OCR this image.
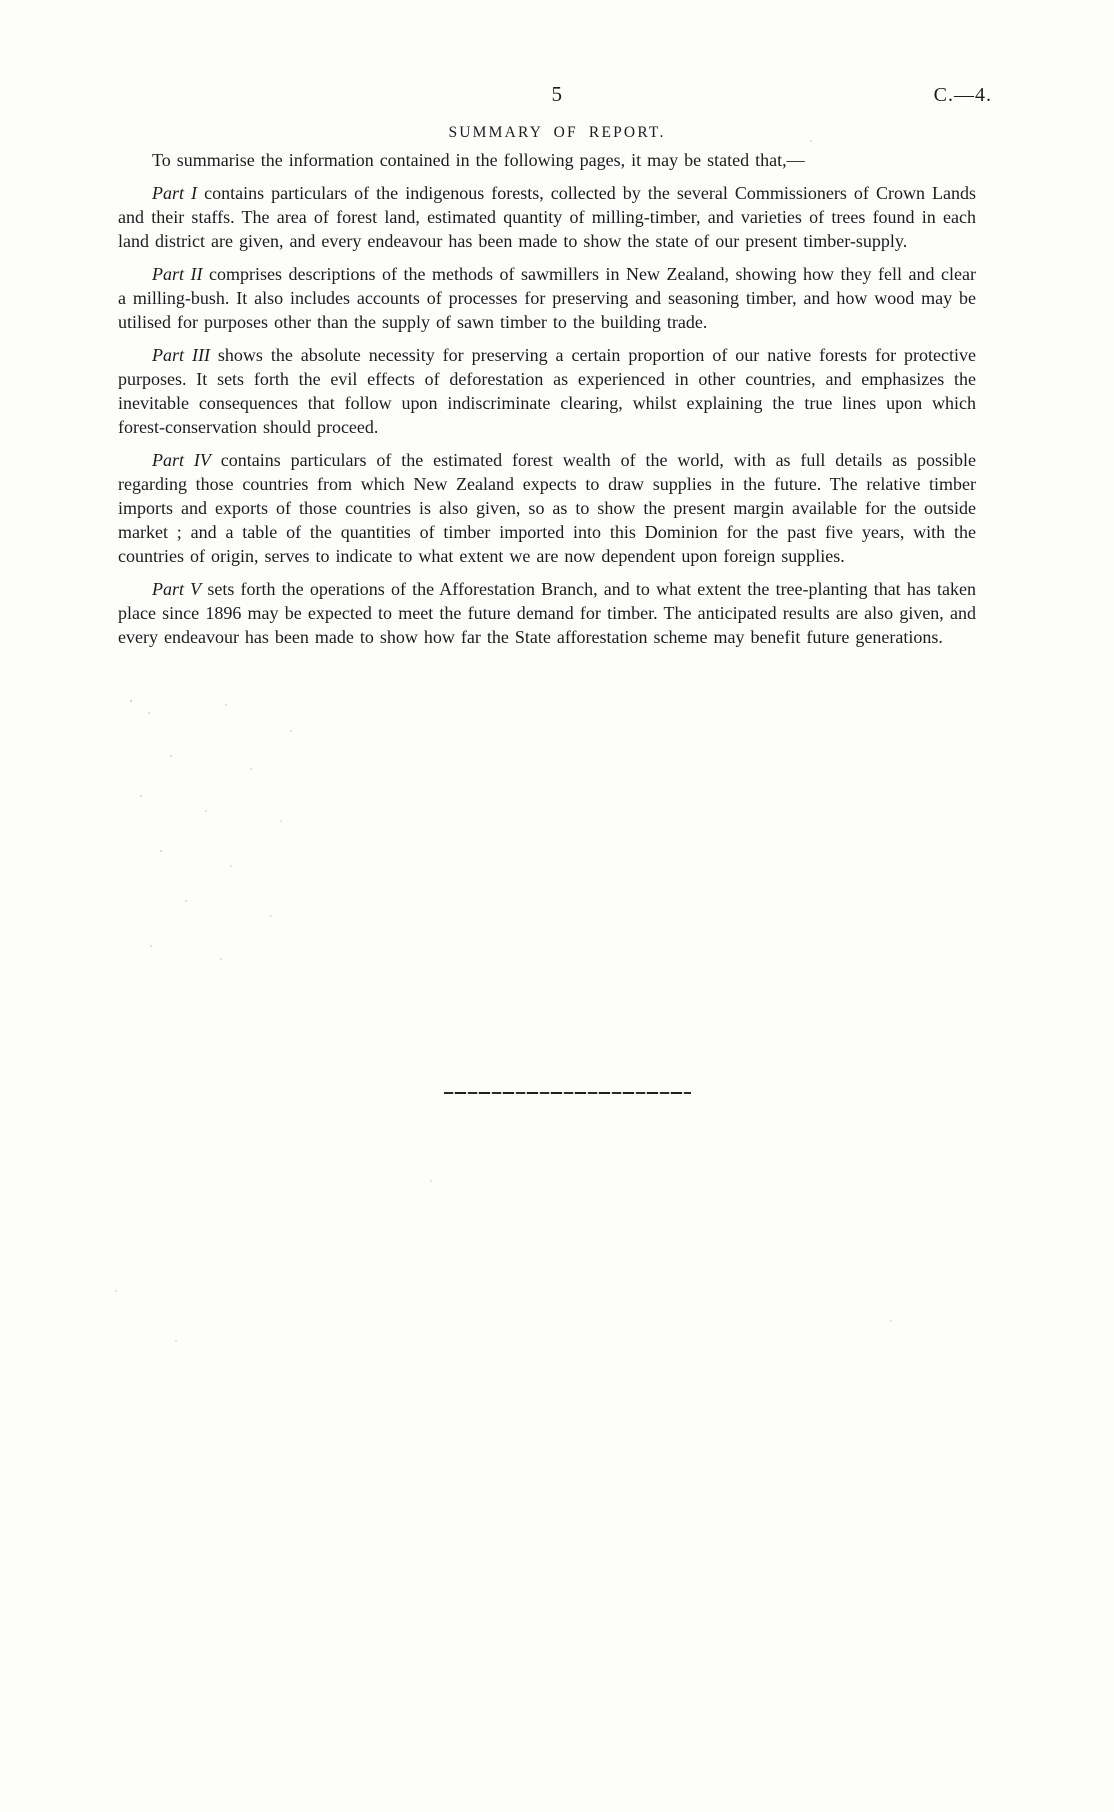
5	C.—4.
SUMMARY OF REPORT.

To summarise the information contained in the following pages, it may be stated that,—

Part I contains particulars of the indigenous forests, collected by the several Commissioners of Crown Lands and their staffs. The area of forest land, estimated quantity of milling-timber, and varieties of trees found in each land district are given, and every endeavour has been made to show the state of our present timber-supply.

Part II comprises descriptions of the methods of sawmillers in New Zealand, showing how they fell and clear a milling-bush. It also includes accounts of processes for preserving and seasoning timber, and how wood may be utilised for purposes other than the supply of sawn timber to the building trade.

Part III shows the absolute necessity for preserving a certain proportion of our native forests for protective purposes. It sets forth the evil effects of deforestation as experienced in other countries, and emphasizes the inevitable consequences that follow upon indiscriminate clearing, whilst explaining the true lines upon which forest-conservation should proceed.

Part IV contains particulars of the estimated forest wealth of the world, with as full details as possible regarding those countries from which New Zealand expects to draw supplies in the future. The relative timber imports and exports of those countries is also given, so as to show the present margin available for the outside market ; and a table of the quantities of timber imported into this Dominion for the past five years, with the countries of origin, serves to indicate to what extent we are now dependent upon foreign supplies.

Part V sets forth the operations of the Afforestation Branch, and to what extent the tree-planting that has taken place since 1896 may be expected to meet the future demand for timber. The anticipated results are also given, and every endeavour has been made to show how far the State afforestation scheme may benefit future generations.
